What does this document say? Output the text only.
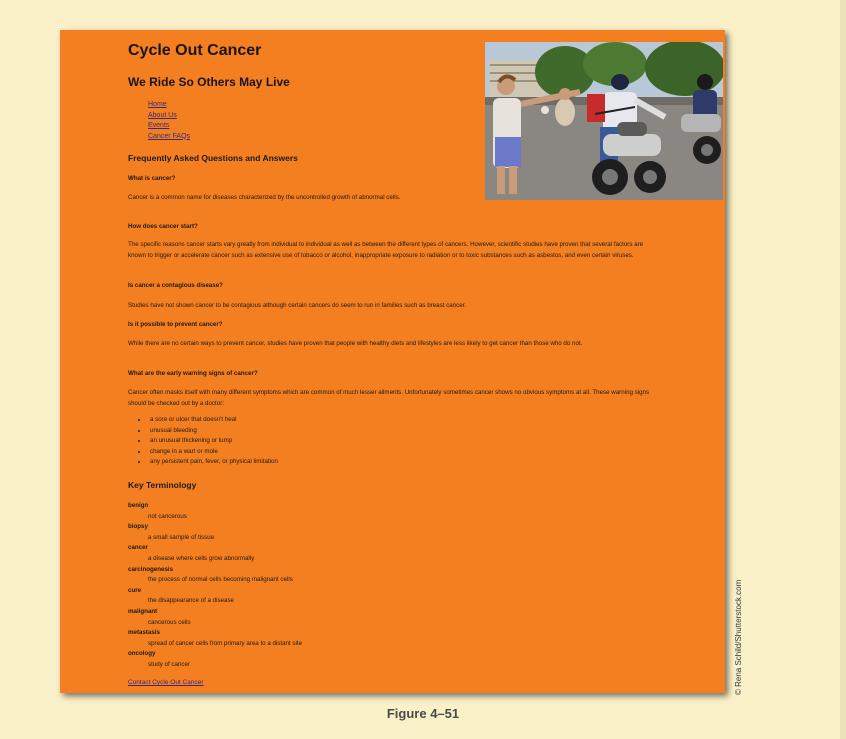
Cycle Out Cancer
We Ride So Others May Live
Home
About Us
Events
Cancer FAQs
Frequently Asked Questions and Answers
What is cancer?
Cancer is a common name for diseases characterized by the uncontrolled growth of abnormal cells.
How does cancer start?
The specific reasons cancer starts vary greatly from individual to individual as well as between the different types of cancers. However, scientific studies have proven that several factors are known to trigger or accelerate cancer such as extensive use of tobacco or alcohol, inappropriate exposure to radiation or to toxic substances such as asbestos, and even certain viruses.
Is cancer a contagious disease?
Studies have not shown cancer to be contagious although certain cancers do seem to run in families such as breast cancer.
Is it possible to prevent cancer?
While there are no certain ways to prevent cancer, studies have proven that people with healthy diets and lifestyles are less likely to get cancer than those who do not.
What are the early warning signs of cancer?
Cancer often masks itself with many different symptoms which are common of much lesser ailments. Unfortunately sometimes cancer shows no obvious symptoms at all. These warning signs should be checked out by a doctor:
• a sore or ulcer that doesn't heal
• unusual bleeding
• an unusual thickening or lump
• change in a wart or mole
• any persistent pain, fever, or physical limitation
Key Terminology
benign
not cancerous
biopsy
a small sample of tissue
cancer
a disease where cells grow abnormally
carcinogenesis
the process of normal cells becoming malignant cells
cure
the disappearance of a disease
malignant
cancerous cells
metastasis
spread of cancer cells from primary area to a distant site
oncology
study of cancer
Contact Cycle Out Cancer	© Rena Schild/Shutterstock.com
Figure 4–51
